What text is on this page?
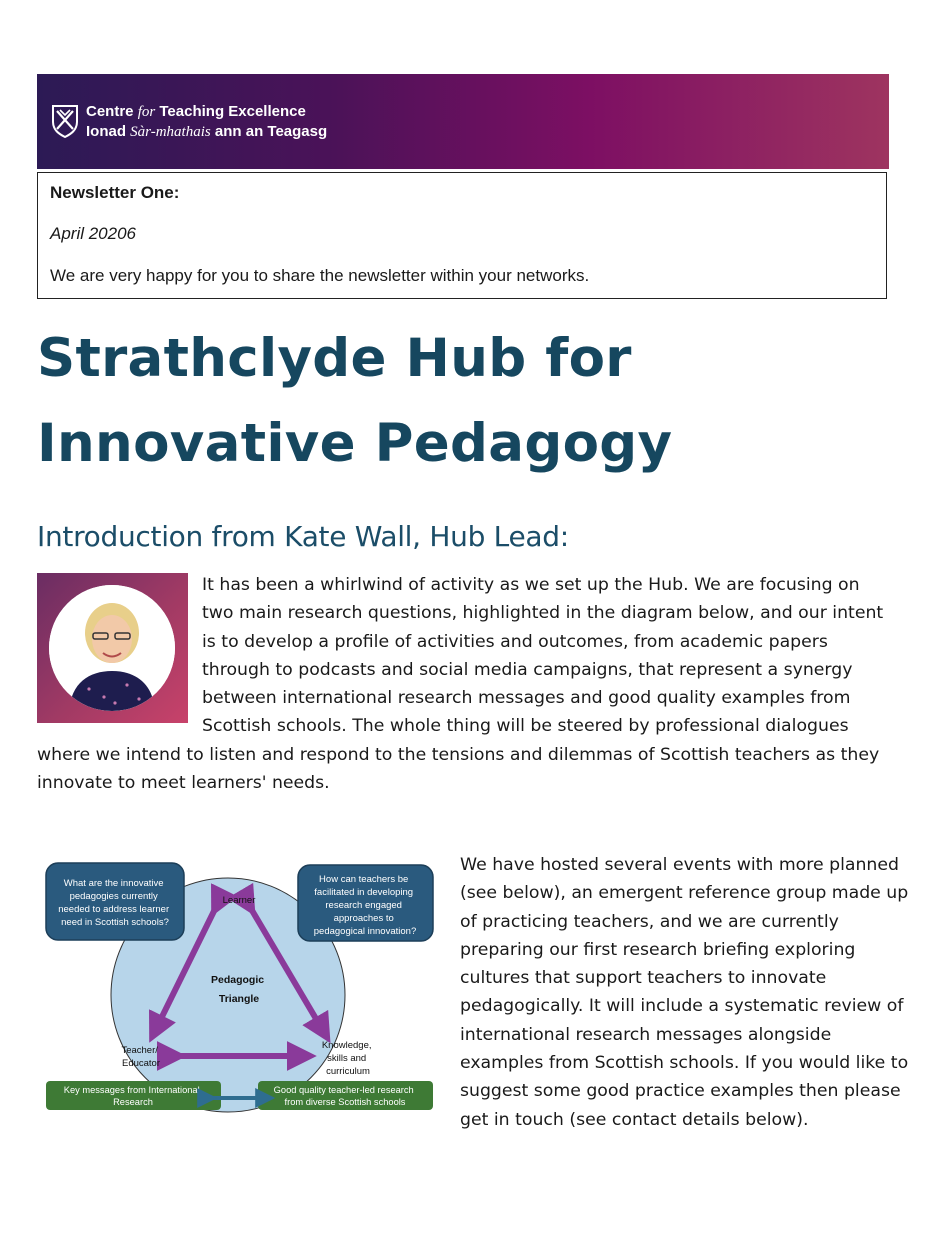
Centre for Teaching Excellence
Ionad Sàr-mhathais ann an Teagasg
Newsletter One:
April 20206
We are very happy for you to share the newsletter within your networks.
Strathclyde Hub for Innovative Pedagogy
Introduction from Kate Wall, Hub Lead:

It has been a whirlwind of activity as we set up the Hub. We are focusing on two main research questions, highlighted in the diagram below, and our intent is to develop a profile of activities and outcomes, from academic papers through to podcasts and social media campaigns, that represent a synergy between international research messages and good quality examples from Scottish schools. The whole thing will be steered by professional dialogues where we intend to listen and respond to the tensions and dilemmas of Scottish teachers as they innovate to meet learners' needs.

What are the innovative pedagogies currently needed to address learner need in Scottish schools?
How can teachers be facilitated in developing research engaged approaches to pedagogical innovation?
Learner
Pedagogic Triangle
Teacher/ Educator
Knowledge, skills and curriculum
Key messages from International Research
Good quality teacher-led research from diverse Scottish schools

We have hosted several events with more planned (see below), an emergent reference group made up of practicing teachers, and we are currently preparing our first research briefing exploring cultures that support teachers to innovate pedagogically. It will include a systematic review of international research messages alongside examples from Scottish schools. If you would like to suggest some good practice examples then please get in touch (see contact details below).
